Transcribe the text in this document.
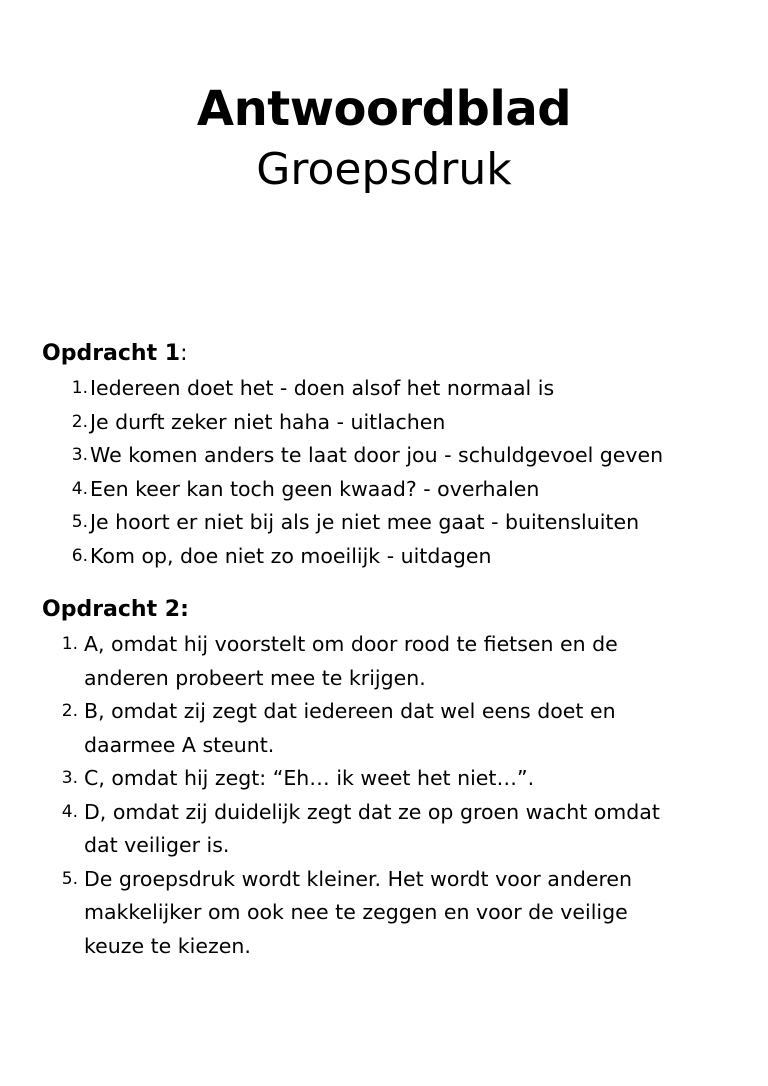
Antwoordblad
Groepsdruk
Opdracht 1:
1. Iedereen doet het - doen alsof het normaal is
2. Je durft zeker niet haha - uitlachen
3. We komen anders te laat door jou - schuldgevoel geven
4. Een keer kan toch geen kwaad? - overhalen
5. Je hoort er niet bij als je niet mee gaat - buitensluiten
6. Kom op, doe niet zo moeilijk - uitdagen
Opdracht 2:
1. A, omdat hij voorstelt om door rood te fietsen en de anderen probeert mee te krijgen.
2. B, omdat zij zegt dat iedereen dat wel eens doet en daarmee A steunt.
3. C, omdat hij zegt: “Eh… ik weet het niet…”.
4. D, omdat zij duidelijk zegt dat ze op groen wacht omdat dat veiliger is.
5. De groepsdruk wordt kleiner. Het wordt voor anderen makkelijker om ook nee te zeggen en voor de veilige keuze te kiezen.
